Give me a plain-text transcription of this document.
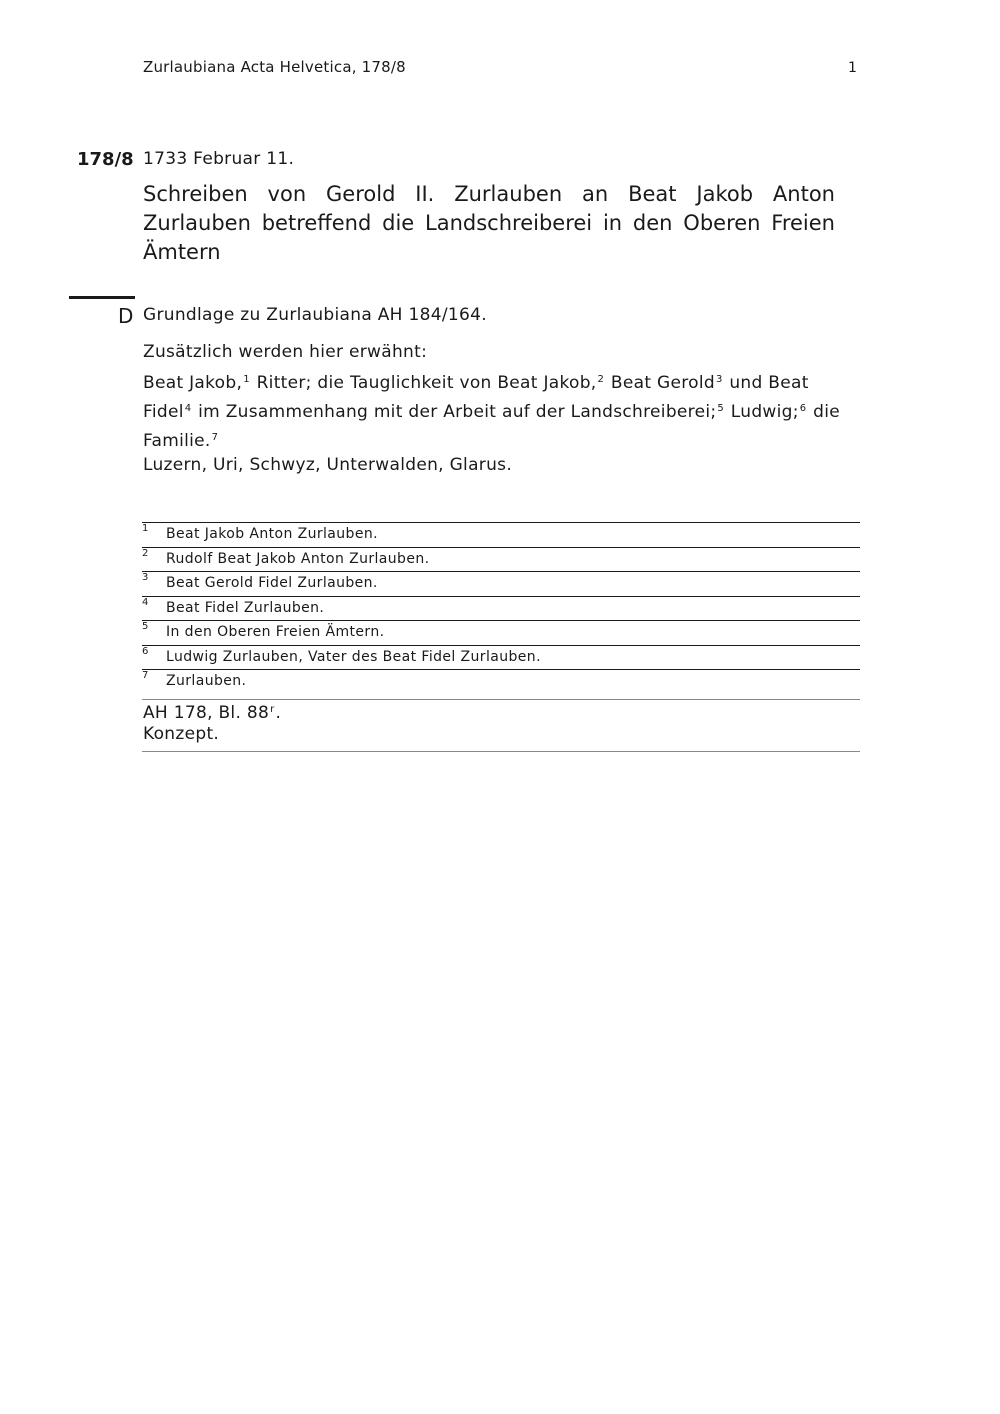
Zurlaubiana Acta Helvetica, 178/8	1
178/8 1733 Februar 11.
Schreiben von Gerold II. Zurlauben an Beat Jakob Anton Zurlauben betreffend die Landschreiberei in den Oberen Freien Ämtern
D Grundlage zu Zurlaubiana AH 184/164.
Zusätzlich werden hier erwähnt:
Beat Jakob,$^1$ Ritter; die Tauglichkeit von Beat Jakob,$^2$ Beat Gerold$^3$ und Beat Fidel$^4$ im Zusammenhang mit der Arbeit auf der Landschreiberei;$^5$ Ludwig;$^6$ die Familie.$^7$
Luzern, Uri, Schwyz, Unterwalden, Glarus.
1 Beat Jakob Anton Zurlauben.
2 Rudolf Beat Jakob Anton Zurlauben.
3 Beat Gerold Fidel Zurlauben.
4 Beat Fidel Zurlauben.
5 In den Oberen Freien Ämtern.
6 Ludwig Zurlauben, Vater des Beat Fidel Zurlauben.
7 Zurlauben.
AH 178, Bl. 88$^r$.
Konzept.
